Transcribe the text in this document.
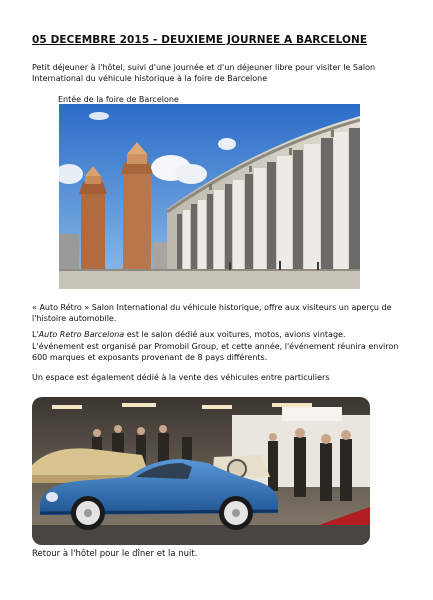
05 DECEMBRE 2015 - DEUXIEME JOURNEE A BARCELONE
Petit déjeuner à l'hôtel, suivi d'une journée et d'un déjeuner libre pour visiter le Salon International du véhicule historique à la foire de Barcelone
Entée de la foire de Barcelone
« Auto Rétro » Salon International du véhicule historique, offre aux visiteurs un aperçu de l'histoire automobile.
L'Auto Retro Barcelona est le salon dédié aux voitures, motos, avions vintage.
L'événement est organisé par Promobil Group, et cette année, l'événement réunira environ 600 marques et exposants provenant de 8 pays différents.
Un espace est également dédié à la vente des véhicules entre particuliers
Retour à l'hôtel pour le dîner et la nuit.
